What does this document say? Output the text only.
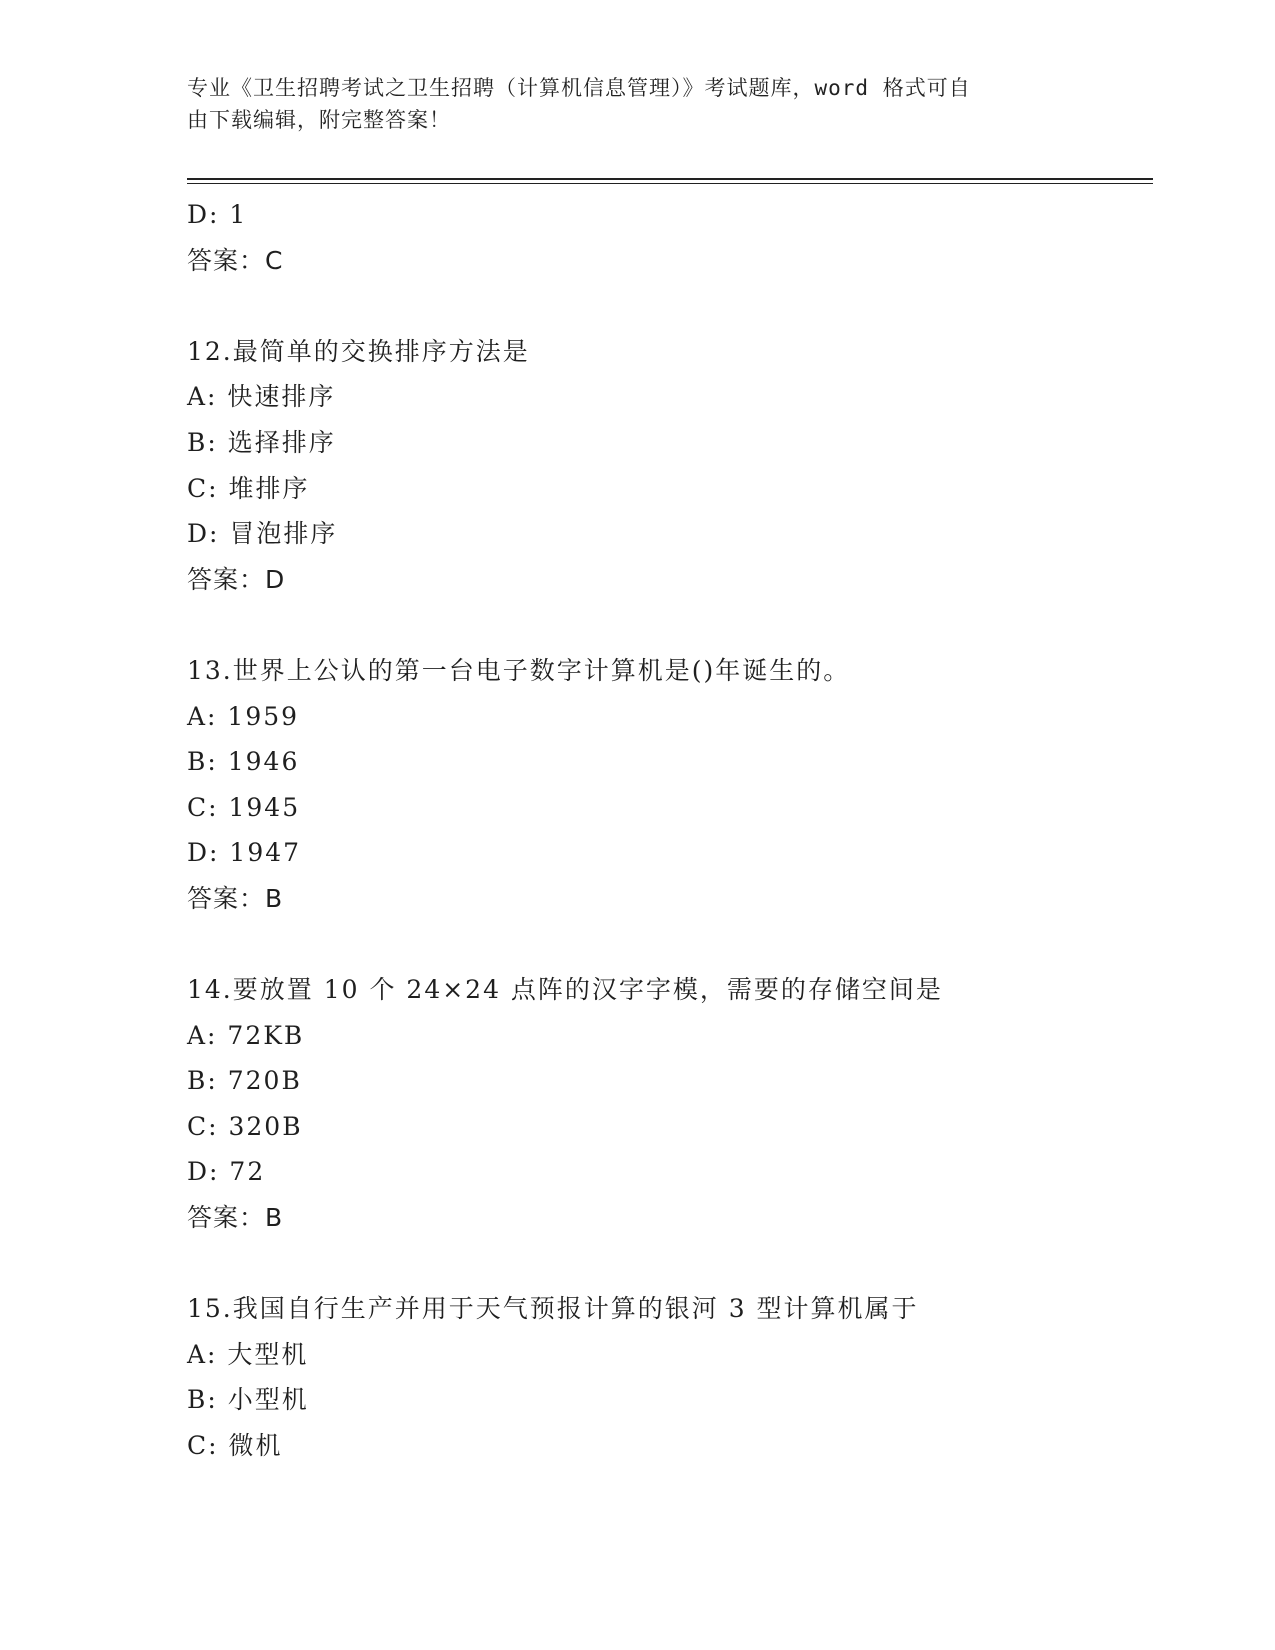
专业《卫生招聘考试之卫生招聘（计算机信息管理）》考试题库，word 格式可自
由下载编辑，附完整答案！
D: 1
答案：C
12.最简单的交换排序方法是
A: 快速排序
B: 选择排序
C: 堆排序
D: 冒泡排序
答案：D
13.世界上公认的第一台电子数字计算机是()年诞生的。
A: 1959
B: 1946
C: 1945
D: 1947
答案：B
14.要放置 10 个 24×24 点阵的汉字字模，需要的存储空间是
A: 72KB
B: 720B
C: 320B
D: 72
答案：B
15.我国自行生产并用于天气预报计算的银河 3 型计算机属于
A: 大型机
B: 小型机
C: 微机
